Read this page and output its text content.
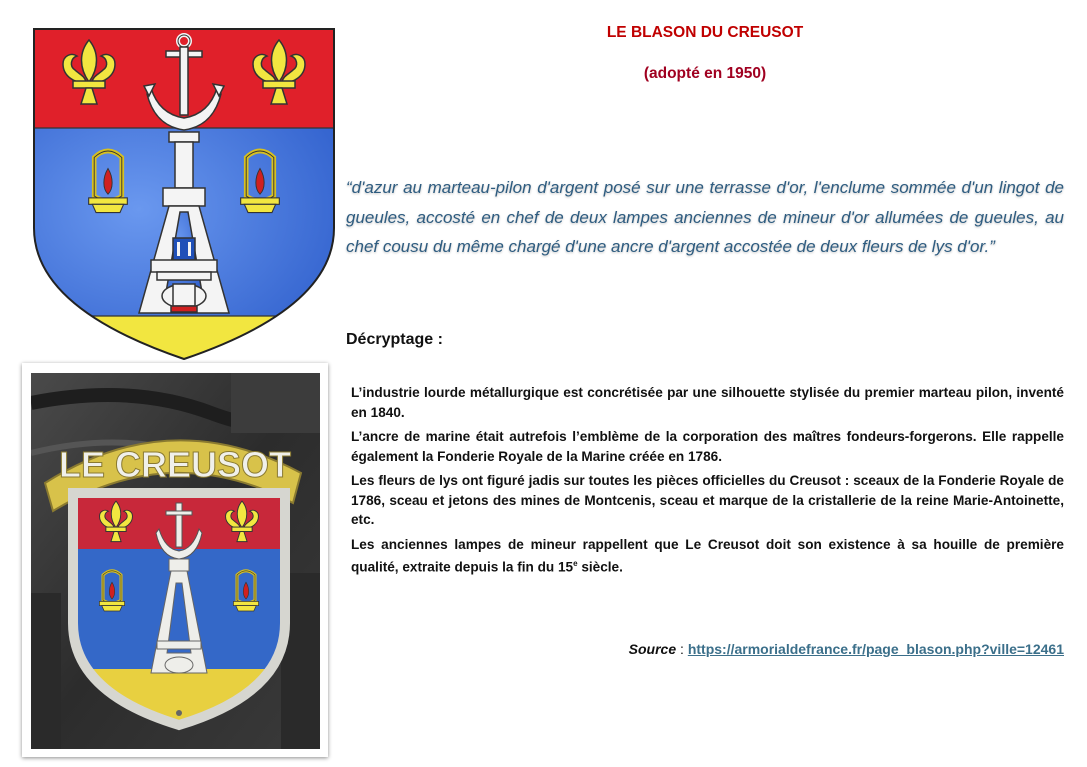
LE CREUSOT
LE BLASON DU CREUSOT
(adopté en 1950)

“d'azur au marteau-pilon d'argent posé sur une terrasse d'or, l'enclume sommée d'un lingot de gueules, accosté en chef de deux lampes anciennes de mineur d'or allumées de gueules, au chef cousu du même chargé d'une ancre d'argent accostée de deux fleurs de lys d'or.”

Décryptage :

L’industrie lourde métallurgique est concrétisée par une silhouette stylisée du premier marteau pilon, inventé en 1840.

L’ancre de marine était autrefois l’emblème de la corporation des maîtres fondeurs-forgerons. Elle rappelle également la Fonderie Royale de la Marine créée en 1786.

Les fleurs de lys ont figuré jadis sur toutes les pièces officielles du Creusot : sceaux de la Fonderie Royale de 1786, sceau et jetons des mines de Montcenis, sceau et marque de la cristallerie de la reine Marie-Antoinette, etc.

Les anciennes lampes de mineur rappellent que Le Creusot doit son existence à sa houille de première qualité, extraite depuis la fin du 15e siècle.

Source : https://armorialdefrance.fr/page_blason.php?ville=12461
